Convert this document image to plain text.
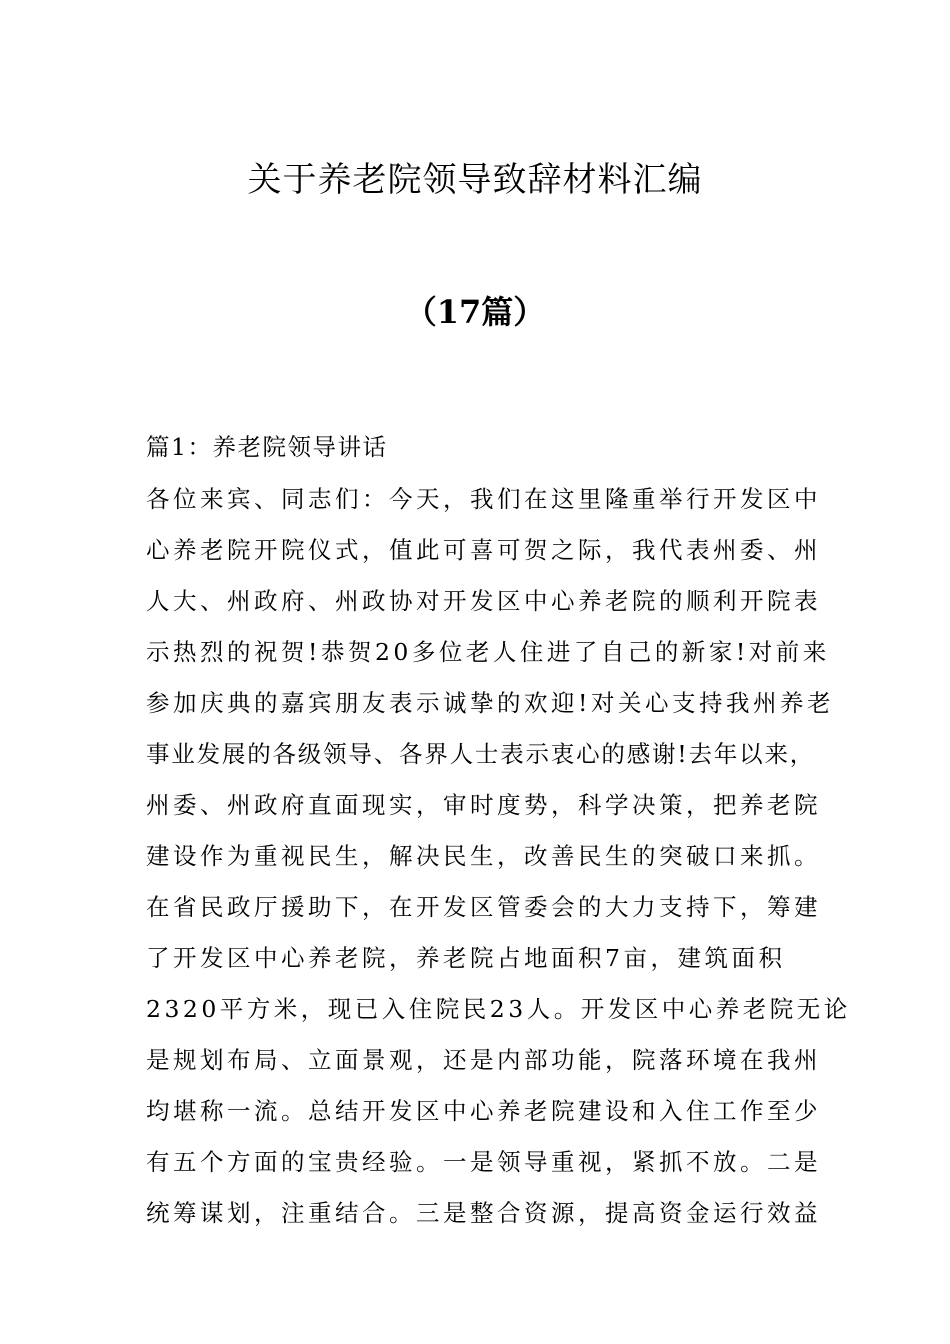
关于养老院领导致辞材料汇编
（17篇）
篇1：养老院领导讲话
各位来宾、同志们：今天，我们在这里隆重举行开发区中
心养老院开院仪式，值此可喜可贺之际，我代表州委、州
人大、州政府、州政协对开发区中心养老院的顺利开院表
示热烈的祝贺!恭贺20多位老人住进了自己的新家!对前来
参加庆典的嘉宾朋友表示诚挚的欢迎!对关心支持我州养老
事业发展的各级领导、各界人士表示衷心的感谢!去年以来，
州委、州政府直面现实，审时度势，科学决策，把养老院
建设作为重视民生，解决民生，改善民生的突破口来抓。
在省民政厅援助下，在开发区管委会的大力支持下，筹建
了开发区中心养老院，养老院占地面积7亩，建筑面积
2320平方米，现已入住院民23人。开发区中心养老院无论
是规划布局、立面景观，还是内部功能，院落环境在我州
均堪称一流。总结开发区中心养老院建设和入住工作至少
有五个方面的宝贵经验。一是领导重视，紧抓不放。二是
统筹谋划，注重结合。三是整合资源，提高资金运行效益
